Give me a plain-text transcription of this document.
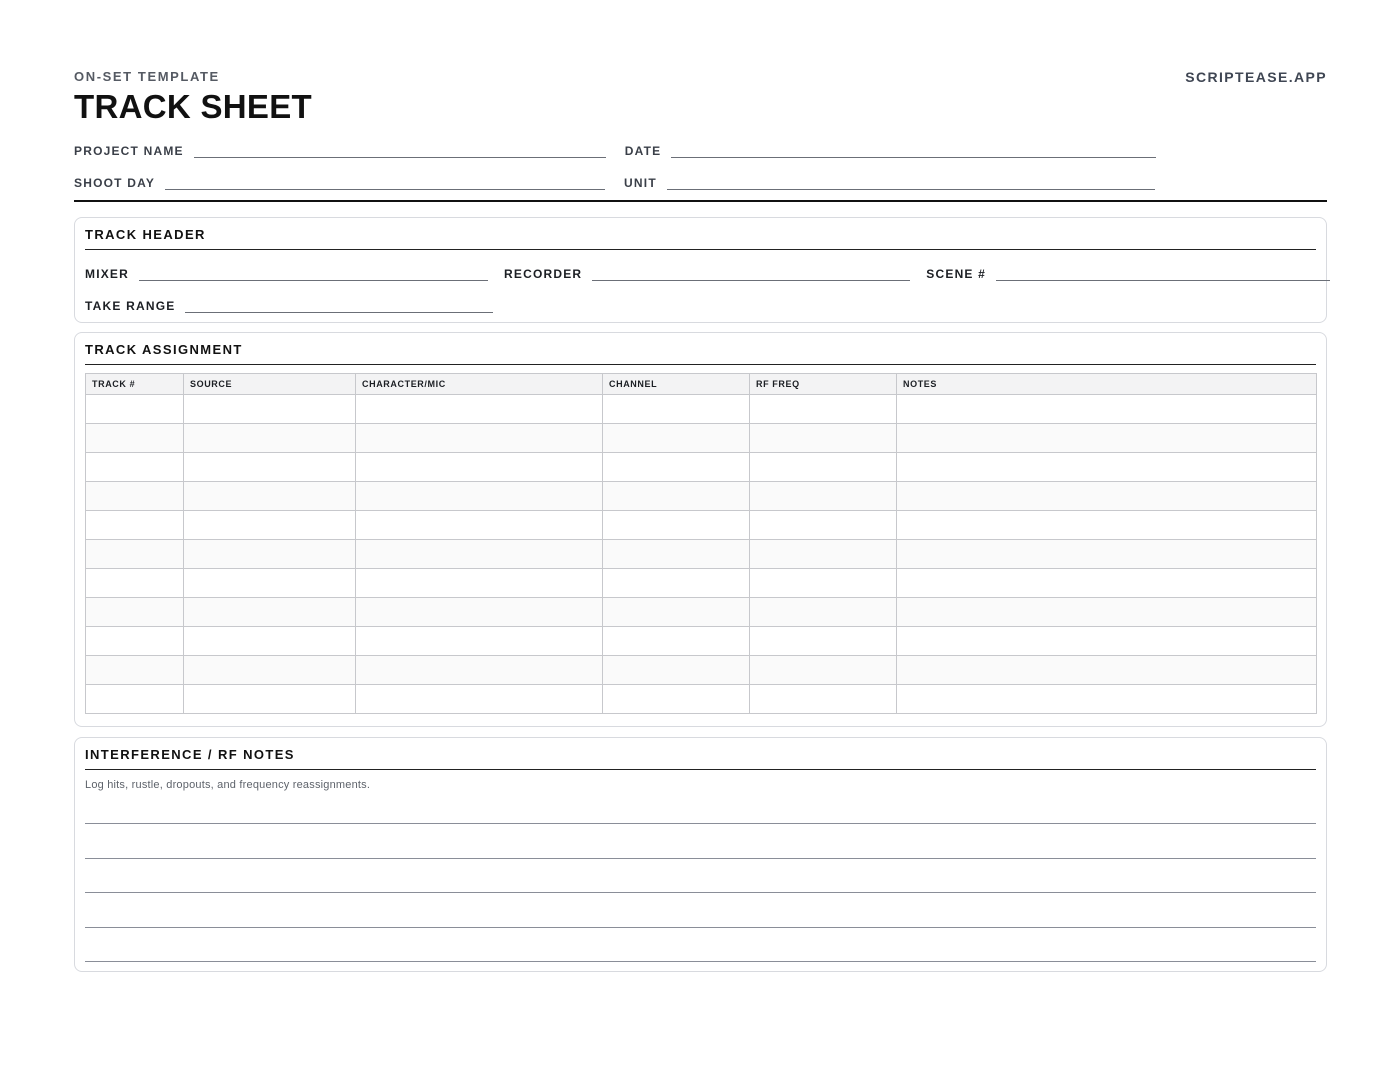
ON-SET TEMPLATE
TRACK SHEET
SCRIPTEASE.APP
PROJECT NAME	DATE
SHOOT DAY	UNIT
TRACK HEADER
MIXER	RECORDER	SCENE #
TAKE RANGE
TRACK ASSIGNMENT
TRACK #	SOURCE	CHARACTER/MIC	CHANNEL	RF FREQ	NOTES

INTERFERENCE / RF NOTES
Log hits, rustle, dropouts, and frequency reassignments.
